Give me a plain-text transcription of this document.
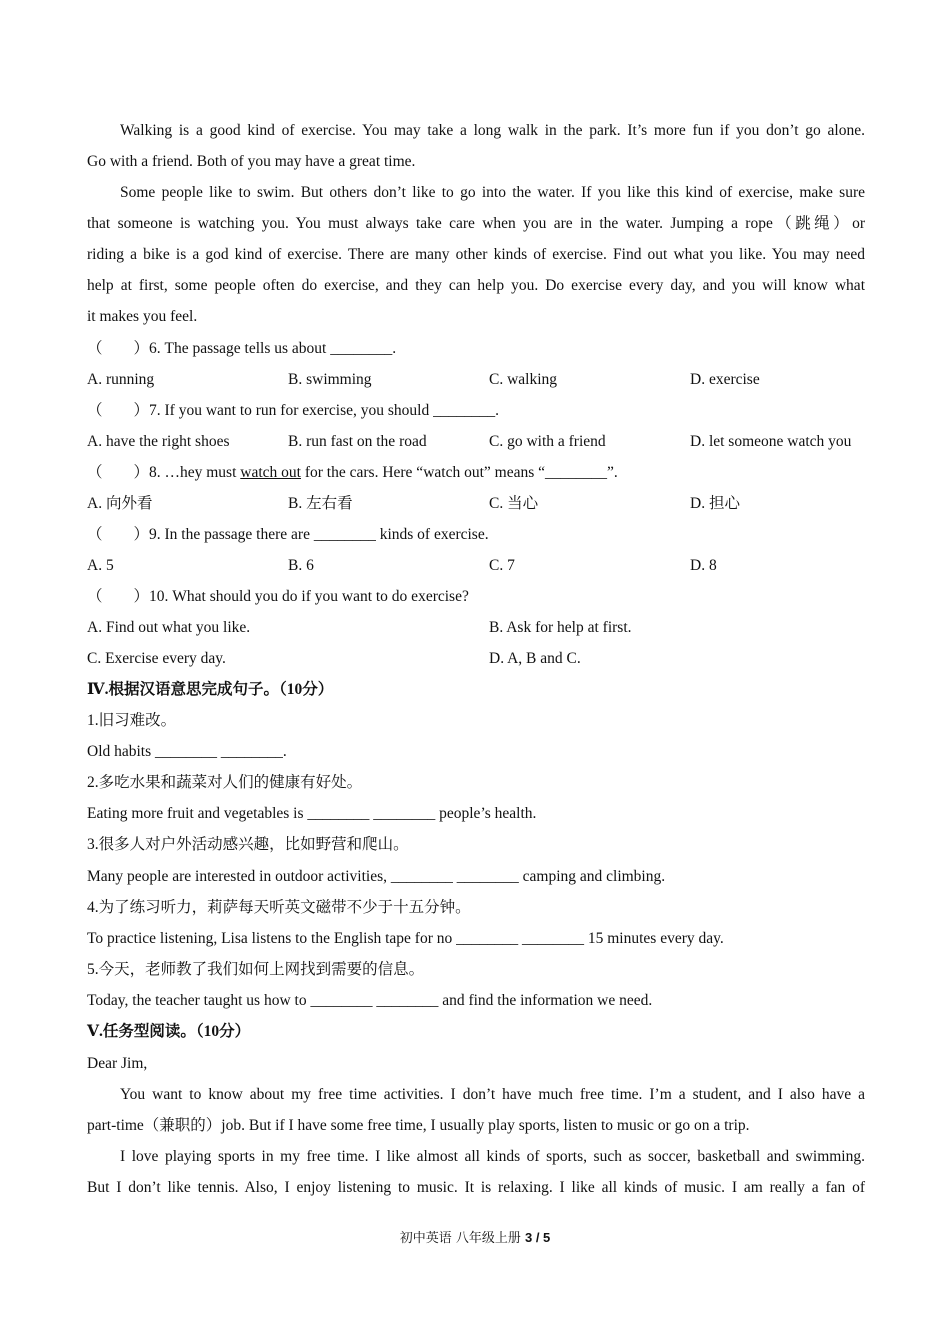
Walking is a good kind of exercise. You may take a long walk in the park. It’s more fun if you don’t go alone.
Go with a friend. Both of you may have a great time.
Some people like to swim. But others don’t like to go into the water. If you like this kind of exercise, make sure
that someone is watching you. You must always take care when you are in the water. Jumping a rope（跳绳）or
riding a bike is a god kind of exercise. There are many other kinds of exercise. Find out what you like. You may need
help at first, some people often do exercise, and they can help you. Do exercise every day, and you will know what
it makes you feel.
（　　）6. The passage tells us about ________.
A. running	B. swimming	C. walking	D. exercise
（　　）7. If you want to run for exercise, you should ________.
A. have the right shoes	B. run fast on the road	C. go with a friend	D. let someone watch you
（　　）8. …hey must watch out for the cars. Here “watch out” means “________”.
A. 向外看	B. 左右看	C. 当心	D. 担心
（　　）9. In the passage there are ________ kinds of exercise.
A. 5	B. 6	C. 7	D. 8
（　　）10. What should you do if you want to do exercise?
A. Find out what you like.	B. Ask for help at first.
C. Exercise every day.	D. A, B and C.
Ⅳ.根据汉语意思完成句子。（10分）
1.旧习难改。
Old habits ________ ________.
2.多吃水果和蔬菜对人们的健康有好处。
Eating more fruit and vegetables is ________ ________ people’s health.
3.很多人对户外活动感兴趣，比如野营和爬山。
Many people are interested in outdoor activities, ________ ________ camping and climbing.
4.为了练习听力，莉萨每天听英文磁带不少于十五分钟。
To practice listening, Lisa listens to the English tape for no ________ ________ 15 minutes every day.
5.今天，老师教了我们如何上网找到需要的信息。
Today, the teacher taught us how to ________ ________ and find the information we need.
Ⅴ.任务型阅读。（10分）
Dear Jim,
You want to know about my free time activities. I don’t have much free time. I’m a student, and I also have a
part-time（兼职的）job. But if I have some free time, I usually play sports, listen to music or go on a trip.
I love playing sports in my free time. I like almost all kinds of sports, such as soccer, basketball and swimming.
But I don’t like tennis. Also, I enjoy listening to music. It is relaxing. I like all kinds of music. I am really a fan of
初中英语 八年级上册 3 / 5
